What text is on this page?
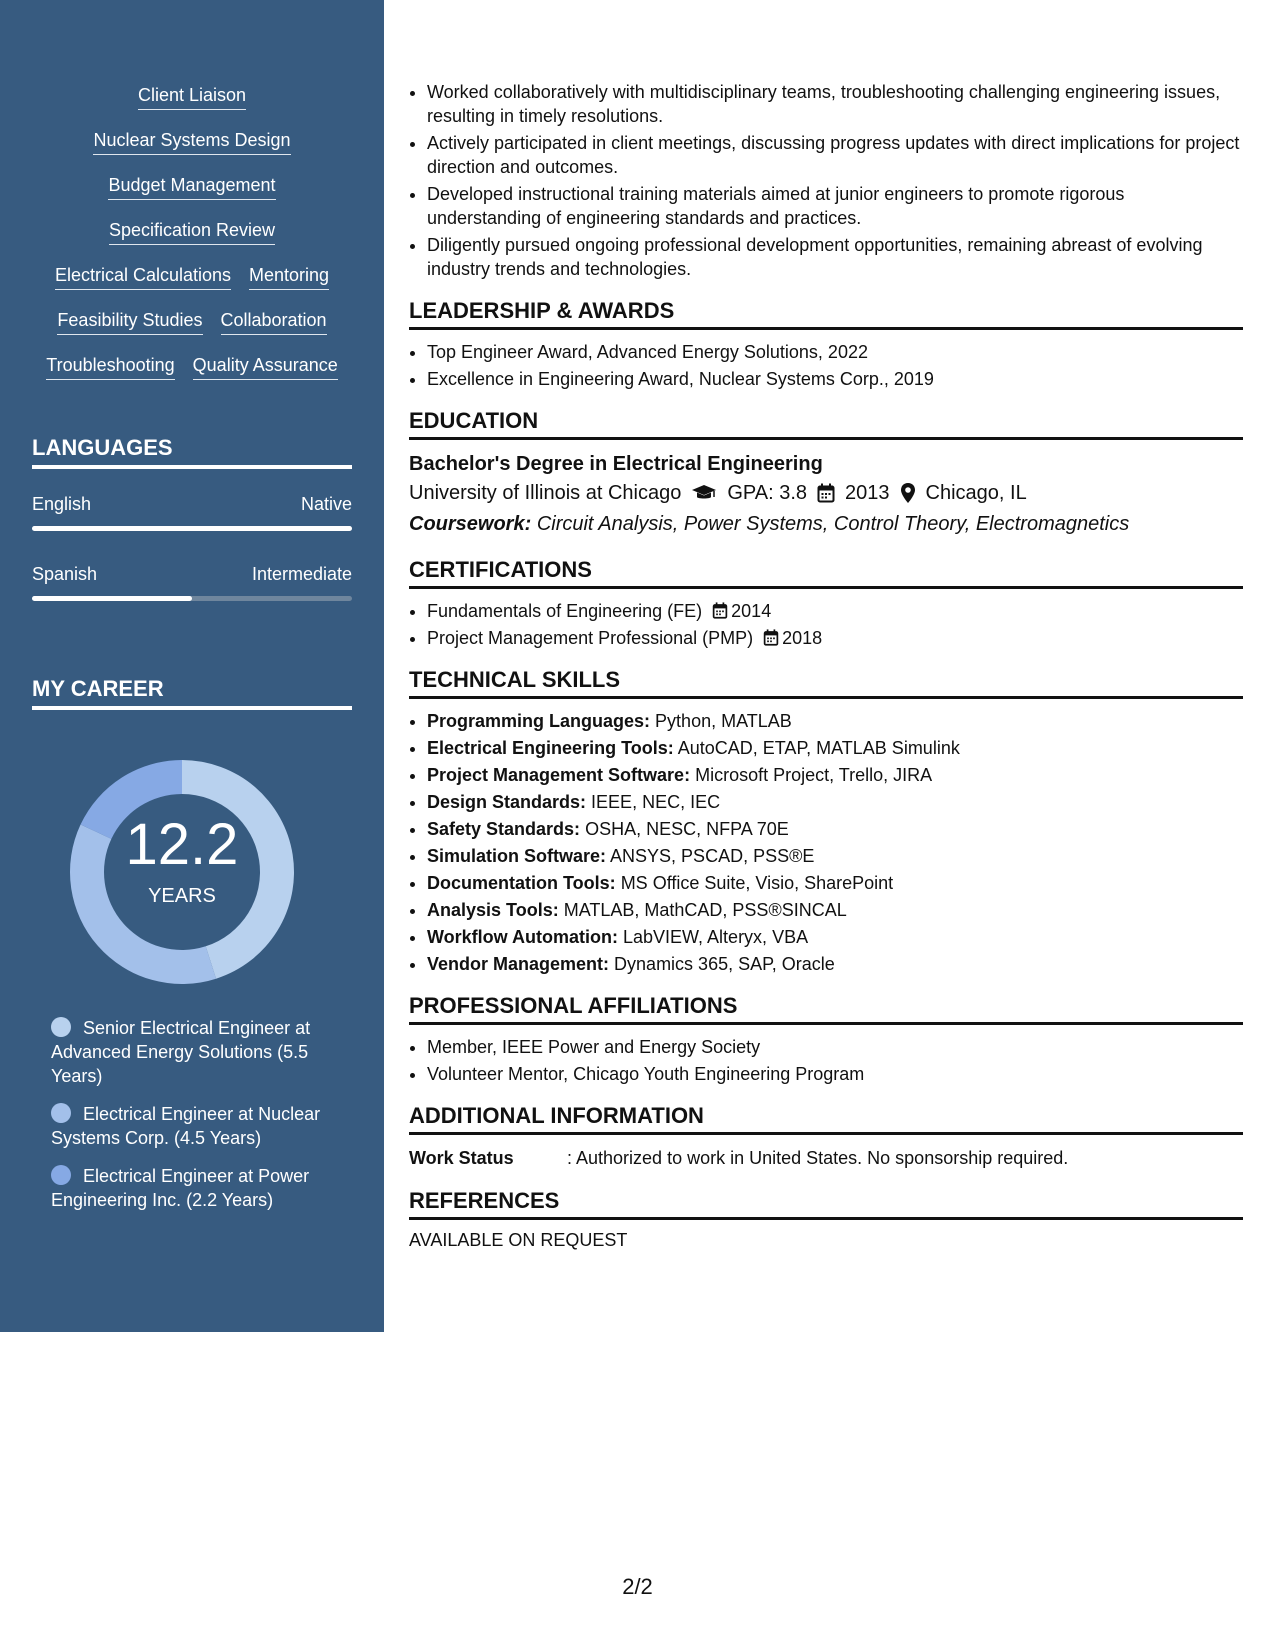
Client Liaison
Nuclear Systems Design
Budget Management
Specification Review
Electrical Calculations Mentoring
Feasibility Studies Collaboration
Troubleshooting Quality Assurance
LANGUAGES
English	Native
Spanish	Intermediate
MY CAREER
12.2
YEARS
Senior Electrical Engineer at Advanced Energy Solutions (5.5 Years)
Electrical Engineer at Nuclear Systems Corp. (4.5 Years)
Electrical Engineer at Power Engineering Inc. (2.2 Years)
• Worked collaboratively with multidisciplinary teams, troubleshooting challenging engineering issues, resulting in timely resolutions.
• Actively participated in client meetings, discussing progress updates with direct implications for project direction and outcomes.
• Developed instructional training materials aimed at junior engineers to promote rigorous understanding of engineering standards and practices.
• Diligently pursued ongoing professional development opportunities, remaining abreast of evolving industry trends and technologies.
LEADERSHIP & AWARDS
• Top Engineer Award, Advanced Energy Solutions, 2022
• Excellence in Engineering Award, Nuclear Systems Corp., 2019
EDUCATION
Bachelor's Degree in Electrical Engineering
University of Illinois at Chicago GPA: 3.8 2013 Chicago, IL
Coursework: Circuit Analysis, Power Systems, Control Theory, Electromagnetics
CERTIFICATIONS
• Fundamentals of Engineering (FE) 2014
• Project Management Professional (PMP) 2018
TECHNICAL SKILLS
• Programming Languages: Python, MATLAB
• Electrical Engineering Tools: AutoCAD, ETAP, MATLAB Simulink
• Project Management Software: Microsoft Project, Trello, JIRA
• Design Standards: IEEE, NEC, IEC
• Safety Standards: OSHA, NESC, NFPA 70E
• Simulation Software: ANSYS, PSCAD, PSS®E
• Documentation Tools: MS Office Suite, Visio, SharePoint
• Analysis Tools: MATLAB, MathCAD, PSS®SINCAL
• Workflow Automation: LabVIEW, Alteryx, VBA
• Vendor Management: Dynamics 365, SAP, Oracle
PROFESSIONAL AFFILIATIONS
• Member, IEEE Power and Energy Society
• Volunteer Mentor, Chicago Youth Engineering Program
ADDITIONAL INFORMATION
Work Status	: Authorized to work in United States. No sponsorship required.
REFERENCES
AVAILABLE ON REQUEST
2/2
